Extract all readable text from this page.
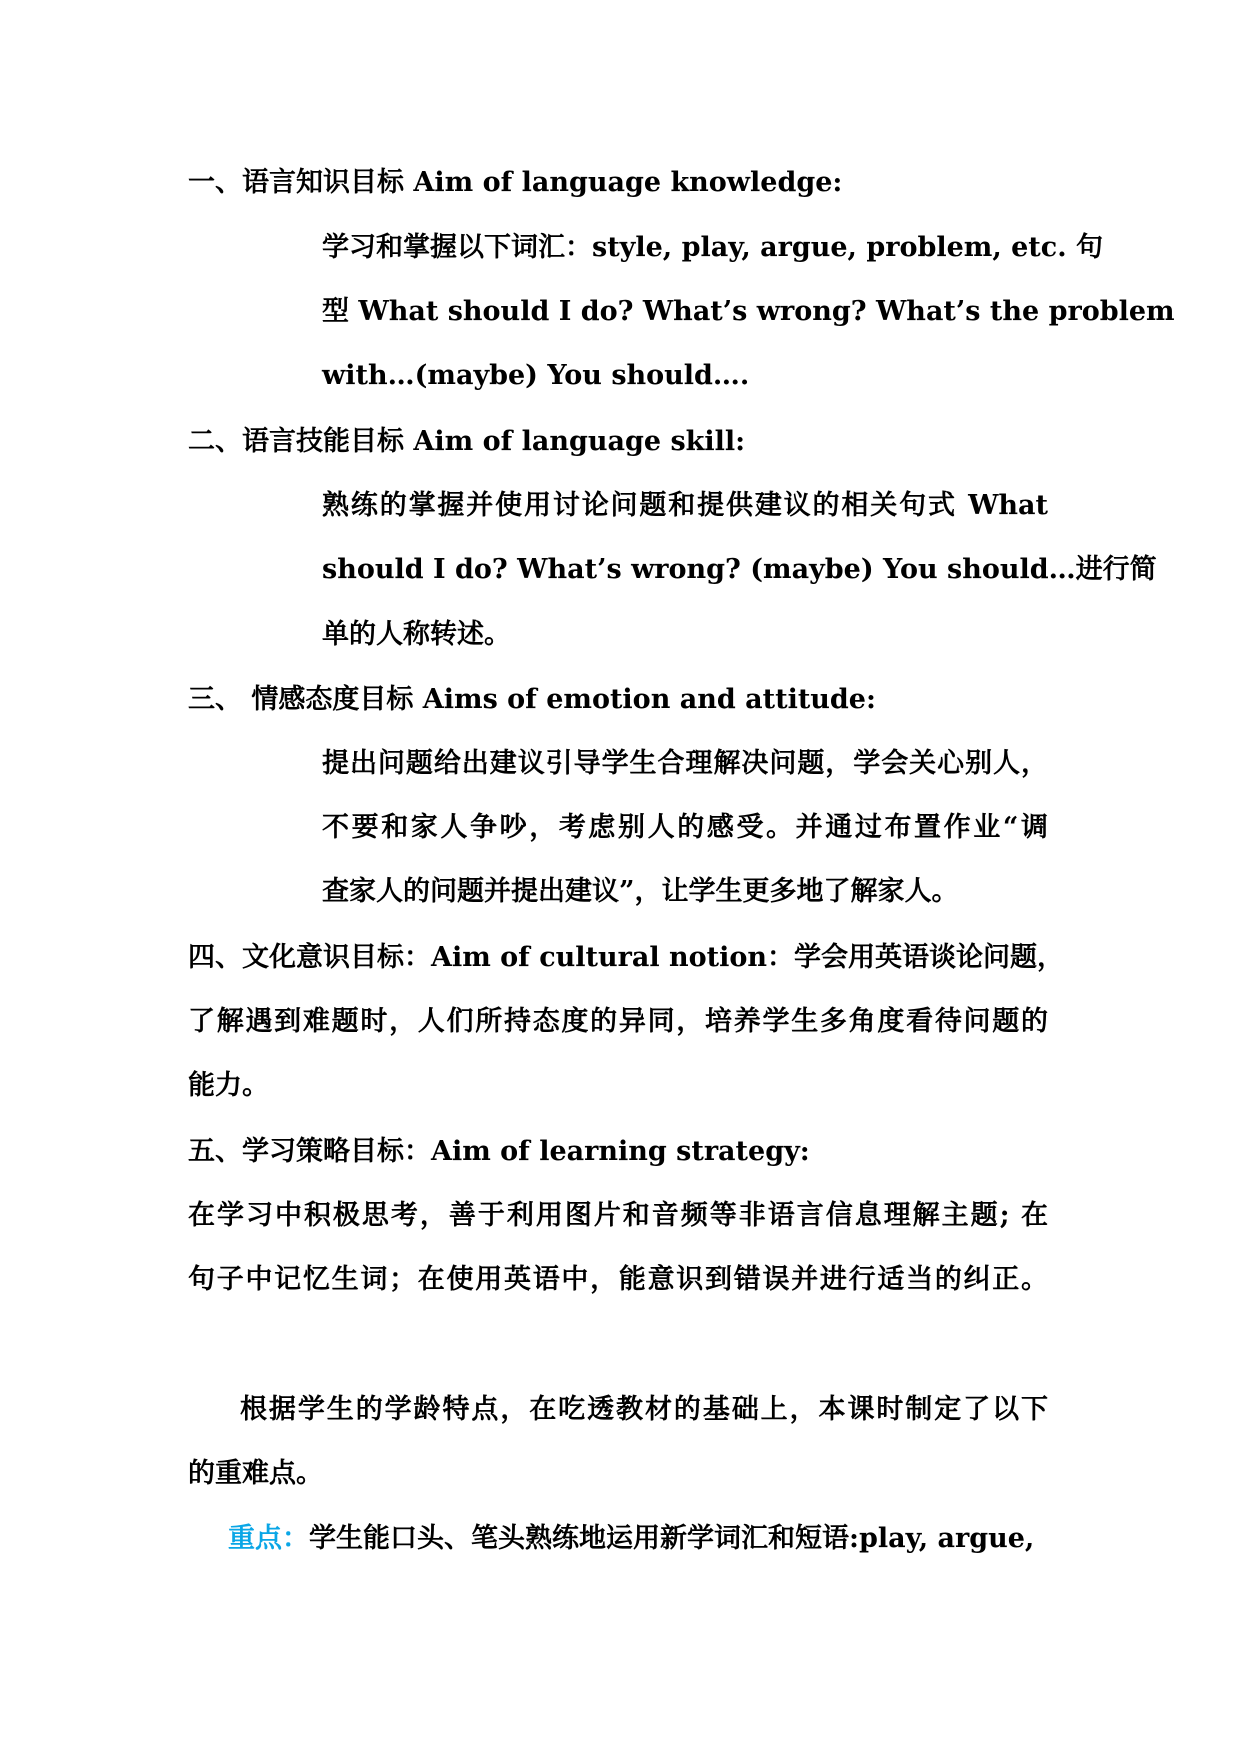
一、语言知识目标 Aim of language knowledge:
学习和掌握以下词汇：style, play, argue, problem, etc. 句
型 What should I do? What’s wrong? What’s the problem
with…(maybe) You should….
二、语言技能目标 Aim of language skill:
熟练的掌握并使用讨论问题和提供建议的相关句式 What
should I do? What’s wrong? (maybe) You should…进行简
单的人称转述。
三、 情感态度目标 Aims of emotion and attitude:
提出问题给出建议引导学生合理解决问题，学会关心别人，
不要和家人争吵，考虑别人的感受。并通过布置作业“调
查家人的问题并提出建议”，让学生更多地了解家人。
四、文化意识目标：Aim of cultural notion：学会用英语谈论问题，
了解遇到难题时，人们所持态度的异同，培养学生多角度看待问题的
能力。
五、学习策略目标：Aim of learning strategy:
在学习中积极思考，善于利用图片和音频等非语言信息理解主题; 在
句子中记忆生词；在使用英语中，能意识到错误并进行适当的纠正。
根据学生的学龄特点，在吃透教材的基础上，本课时制定了以下
的重难点。
重点：学生能口头、笔头熟练地运用新学词汇和短语:play, argue,
